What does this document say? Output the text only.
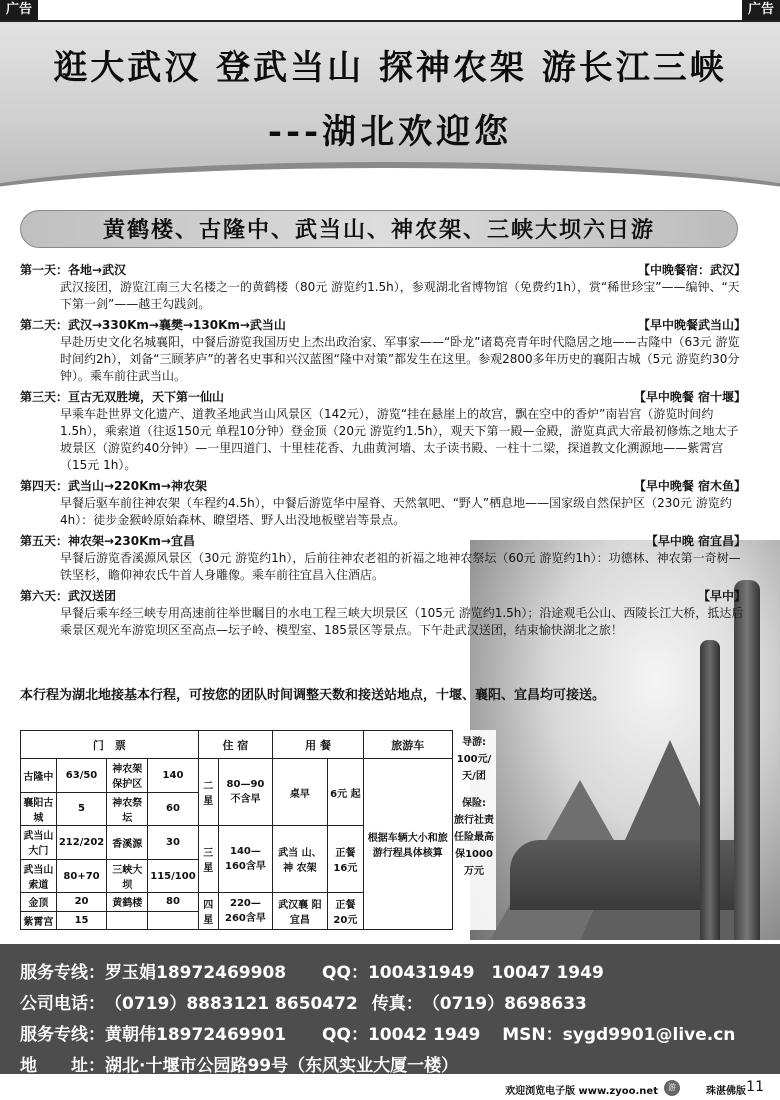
广告	广告
逛大武汉 登武当山 探神农架 游长江三峡
---湖北欢迎您
黄鹤楼、古隆中、武当山、神农架、三峡大坝六日游
第一天：各地→武汉	【中晚餐宿：武汉】
武汉接团，游览江南三大名楼之一的黄鹤楼（80元 游览约1.5h），参观湖北省博物馆（免费约1h），赏“稀世珍宝”——编钟、“天下第一剑”——越王勾践剑。
第二天：武汉→330Km→襄樊→130Km→武当山	【早中晚餐武当山】
早赴历史文化名城襄阳，中餐后游览我国历史上杰出政治家、军事家——“卧龙”诸葛亮青年时代隐居之地——古隆中（63元 游览时间约2h），刘备“三顾茅庐”的著名史事和兴汉蓝图“隆中对策”都发生在这里。参观2800多年历史的襄阳古城（5元 游览约30分钟）。乘车前往武当山。
第三天：亘古无双胜境，天下第一仙山	【早中晚餐 宿十堰】
早乘车赴世界文化遗产、道教圣地武当山风景区（142元），游览“挂在悬崖上的故宫，飘在空中的香炉”南岩宫（游览时间约1.5h），乘索道（往返150元 单程10分钟）登金顶（20元 游览约1.5h），观天下第一殿—金殿，游览真武大帝最初修炼之地太子坡景区（游览约40分钟）—一里四道门、十里桂花香、九曲黄河墙、太子读书殿、一柱十二梁，探道教文化溯源地——紫霄宫（15元 1h）。
第四天：武当山→220Km→神农架	【早中晚餐 宿木鱼】
早餐后驱车前往神农架（车程约4.5h），中餐后游览华中屋脊、天然氧吧、“野人”栖息地——国家级自然保护区（230元 游览约4h）：徒步金猴岭原始森林、瞭望塔、野人出没地板壁岩等景点。
第五天：神农架→230Km→宜昌	【早中晚 宿宜昌】
早餐后游览香溪源风景区（30元 游览约1h），后前往神农老祖的祈福之地神农祭坛（60元 游览约1h）：功德林、神农第一奇树—铁坚杉，瞻仰神农氏牛首人身雕像。乘车前往宜昌入住酒店。
第六天：武汉送团	【早中】
早餐后乘车经三峡专用高速前往举世瞩目的水电工程三峡大坝景区（105元 游览约1.5h）；沿途观毛公山、西陵长江大桥，抵达后乘景区观光车游览坝区至高点—坛子岭、模型室、185景区等景点。下午赴武汉送团，结束愉快湖北之旅！
本行程为湖北地接基本行程，可按您的团队时间调整天数和接送站地点，十堰、襄阳、宜昌均可接送。
门　票				住 宿		用 餐		旅游车	
古隆中	63/50	神农架保护区	140	二星	80—90 不含早	桌早	6元 起	根据车辆大小和旅游行程具体核算	
襄阳古城	5	神农祭坛	60						
武当山大门	212/202	香溪源	30	三星	140— 160含早	武当 山、神 农架	正餐 16元		
武当山索道	80+70	三峡大坝	115/100						
金顶	20	黄鹤楼	80	四星	220— 260含早	武汉襄 阳宜昌	正餐 20元		
紫霄宫	15								
导游:
100元/天/团
保险:
旅行社责任险最高保1000万元
服务专线：罗玉娟18972469908 QQ：100431949　10047 1949
公司电话：（0719）8883121 8650472 传真：（0719）8698633
服务专线：黄朝伟18972469901 QQ：10042 1949 MSN：sygd9901@live.cn
地　　址：湖北·十堰市公园路99号（东风实业大厦一楼）
欢迎浏览电子版 www.zyoo.net	游	珠湛佛版 11
